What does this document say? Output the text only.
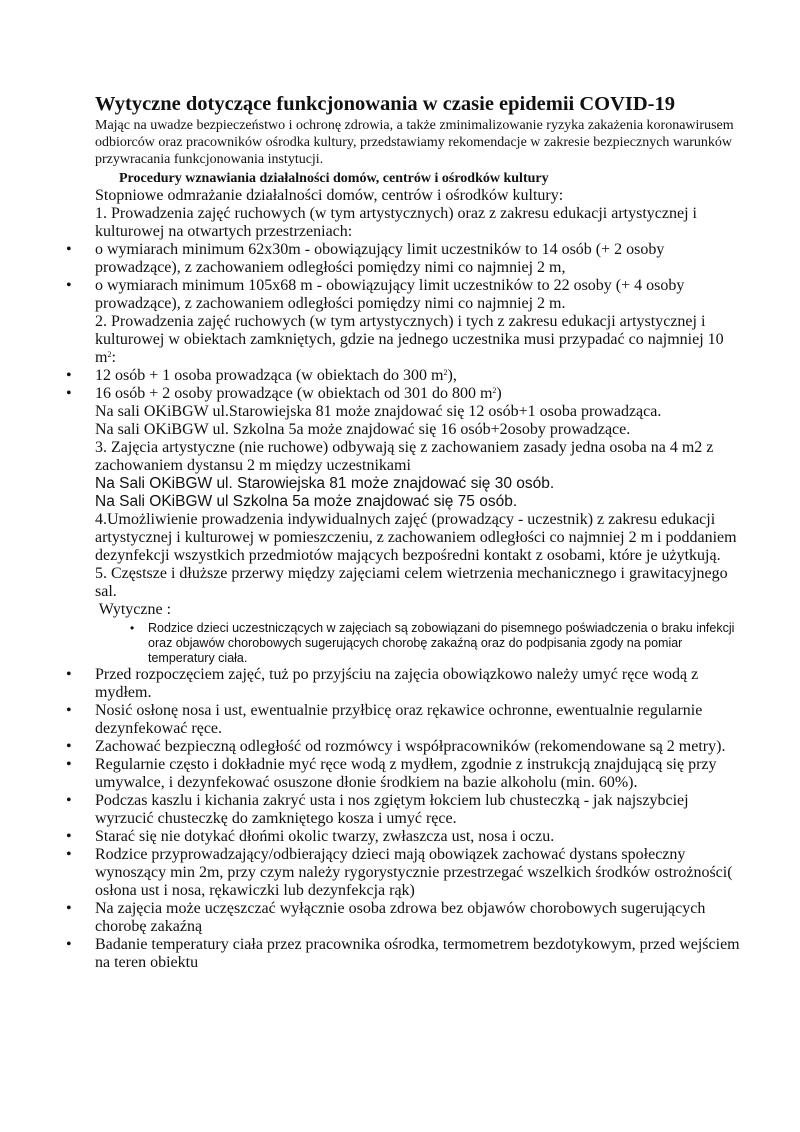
Wytyczne dotyczące funkcjonowania w czasie epidemii COVID-19

Mając na uwadze bezpieczeństwo i ochronę zdrowia, a także zminimalizowanie ryzyka zakażenia koronawirusem odbiorców oraz pracowników ośrodka kultury, przedstawiamy rekomendacje w zakresie bezpiecznych warunków przywracania funkcjonowania instytucji.

Procedury wznawiania działalności domów, centrów i ośrodków kultury

Stopniowe odmrażanie działalności domów, centrów i ośrodków kultury:

1. Prowadzenia zajęć ruchowych (w tym artystycznych) oraz z zakresu edukacji artystycznej i kulturowej na otwartych przestrzeniach:

• o wymiarach minimum 62x30m - obowiązujący limit uczestników to 14 osób (+ 2 osoby prowadzące), z zachowaniem odległości pomiędzy nimi co najmniej 2 m,
• o wymiarach minimum 105x68 m - obowiązujący limit uczestników to 22 osoby (+ 4 osoby prowadzące), z zachowaniem odległości pomiędzy nimi co najmniej 2 m.

2. Prowadzenia zajęć ruchowych (w tym artystycznych) i tych z zakresu edukacji artystycznej i kulturowej w obiektach zamkniętych, gdzie na jednego uczestnika musi przypadać co najmniej 10 $m^2$:

• 12 osób + 1 osoba prowadząca (w obiektach do 300 $m^2$),
• 16 osób + 2 osoby prowadzące (w obiektach od 301 do 800 $m^2$)

Na sali OKiBGW ul.Starowiejska 81 może znajdować się 12 osób+1 osoba prowadząca.

Na sali OKiBGW ul. Szkolna 5a może znajdować się 16 osób+2osoby prowadzące.

3. Zajęcia artystyczne (nie ruchowe) odbywają się z zachowaniem zasady jedna osoba na 4 m2 z zachowaniem dystansu 2 m między uczestnikami

Na Sali OKiBGW ul. Starowiejska 81 może znajdować się 30 osób.

Na Sali OKiBGW ul Szkolna 5a może znajdować się 75 osób.

4.Umożliwienie prowadzenia indywidualnych zajęć (prowadzący - uczestnik) z zakresu edukacji artystycznej i kulturowej w pomieszczeniu, z zachowaniem odległości co najmniej 2 m i poddaniem dezynfekcji wszystkich przedmiotów mających bezpośredni kontakt z osobami, które je użytkują.

5. Częstsze i dłuższe przerwy między zajęciami celem wietrzenia mechanicznego i grawitacyjnego sal.

Wytyczne :

• Rodzice dzieci uczestniczących w zajęciach są zobowiązani do pisemnego poświadczenia o braku infekcji oraz objawów chorobowych sugerujących chorobę zakaźną oraz do podpisania zgody na pomiar temperatury ciała.
• Przed rozpoczęciem zajęć, tuż po przyjściu na zajęcia obowiązkowo należy umyć ręce wodą z mydłem.
• Nosić osłonę nosa i ust, ewentualnie przyłbicę oraz rękawice ochronne, ewentualnie regularnie dezynfekować ręce.
• Zachować bezpieczną odległość od rozmówcy i współpracowników (rekomendowane są 2 metry).
• Regularnie często i dokładnie myć ręce wodą z mydłem, zgodnie z instrukcją znajdującą się przy umywalce, i dezynfekować osuszone dłonie środkiem na bazie alkoholu (min. 60%).
• Podczas kaszlu i kichania zakryć usta i nos zgiętym łokciem lub chusteczką - jak najszybciej wyrzucić chusteczkę do zamkniętego kosza i umyć ręce.
• Starać się nie dotykać dłońmi okolic twarzy, zwłaszcza ust, nosa i oczu.
• Rodzice przyprowadzający/odbierający dzieci mają obowiązek zachować dystans społeczny wynoszący min 2m, przy czym należy rygorystycznie przestrzegać wszelkich środków ostrożności( osłona ust i nosa, rękawiczki lub dezynfekcja rąk)
• Na zajęcia może uczęszczać wyłącznie osoba zdrowa bez objawów chorobowych sugerujących chorobę zakaźną
• Badanie temperatury ciała przez pracownika ośrodka, termometrem bezdotykowym, przed wejściem na teren obiektu
